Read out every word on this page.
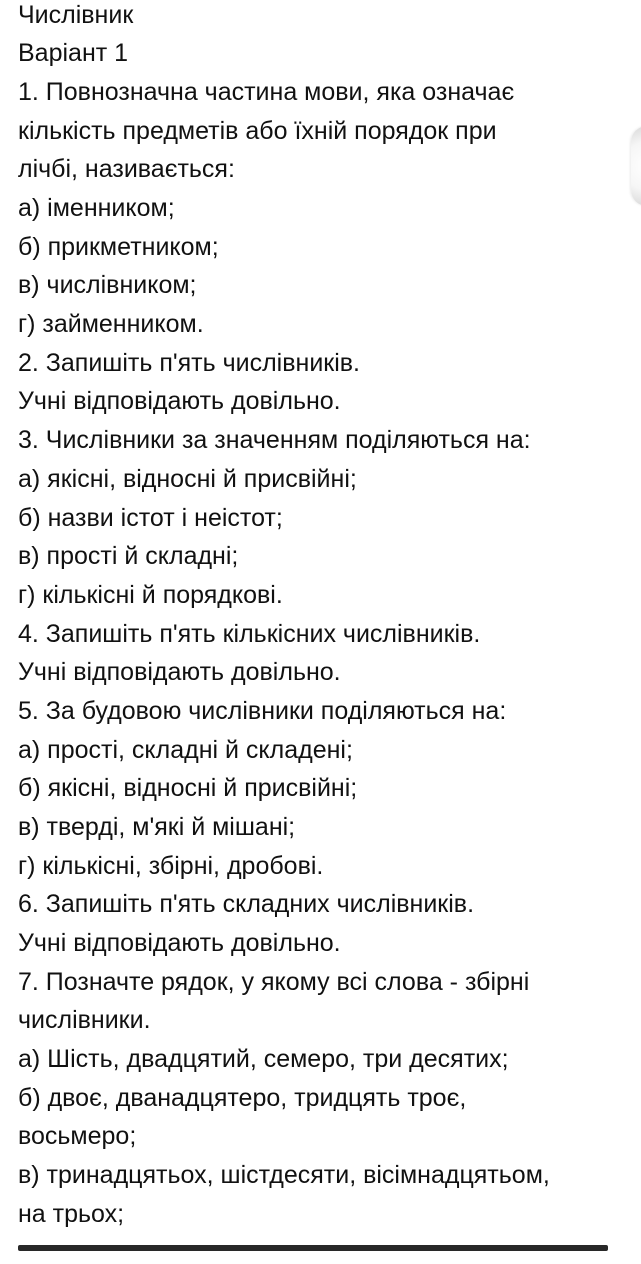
Числівник

Варіант 1

1. Повнозначна частина мови, яка означає

кількість предметів або їхній порядок при

лічбі, називається:

а) іменником;

б) прикметником;

в) числівником;

г) займенником.

2. Запишіть п'ять числівників.

Учні відповідають довільно.

3. Числівники за значенням поділяються на:

а) якісні, відносні й присвійні;

б) назви істот і неістот;

в) прості й складні;

г) кількісні й порядкові.

4. Запишіть п'ять кількісних числівників.

Учні відповідають довільно.

5. За будовою числівники поділяються на:

а) прості, складні й складені;

б) якісні, відносні й присвійні;

в) тверді, м'які й мішані;

г) кількісні, збірні, дробові.

6. Запишіть п'ять складних числівників.

Учні відповідають довільно.

7. Позначте рядок, у якому всі слова - збірні

числівники.

а) Шість, двадцятий, семеро, три десятих;

б) двоє, дванадцятеро, тридцять троє,

восьмеро;

в) тринадцятьох, шістдесяти, вісімнадцятьом,

на трьох;
